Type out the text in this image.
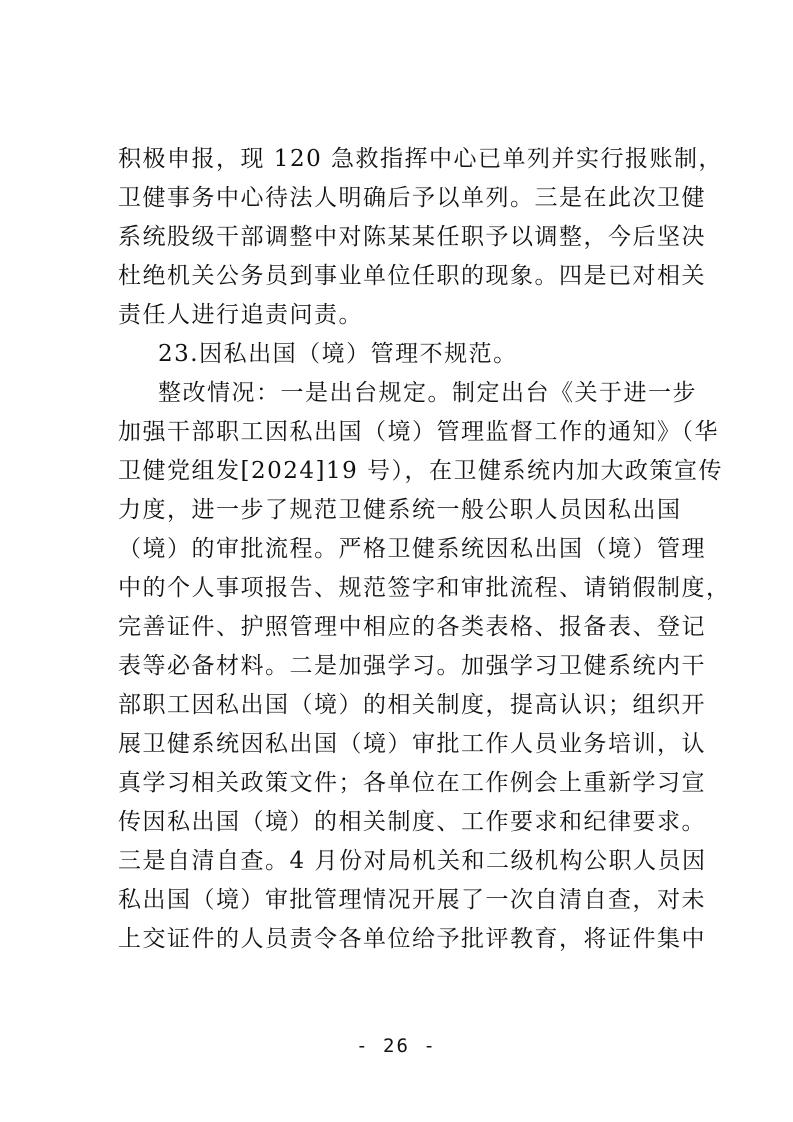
积极申报，现 120 急救指挥中心已单列并实行报账制，
卫健事务中心待法人明确后予以单列。三是在此次卫健
系统股级干部调整中对陈某某任职予以调整，今后坚决
杜绝机关公务员到事业单位任职的现象。四是已对相关
责任人进行追责问责。
23.因私出国（境）管理不规范。
整改情况：一是出台规定。制定出台《关于进一步
加强干部职工因私出国（境）管理监督工作的通知》（华
卫健党组发[2024]19 号），在卫健系统内加大政策宣传
力度，进一步了规范卫健系统一般公职人员因私出国
（境）的审批流程。严格卫健系统因私出国（境）管理
中的个人事项报告、规范签字和审批流程、请销假制度，
完善证件、护照管理中相应的各类表格、报备表、登记
表等必备材料。二是加强学习。加强学习卫健系统内干
部职工因私出国（境）的相关制度，提高认识；组织开
展卫健系统因私出国（境）审批工作人员业务培训，认
真学习相关政策文件；各单位在工作例会上重新学习宣
传因私出国（境）的相关制度、工作要求和纪律要求。
三是自清自查。4 月份对局机关和二级机构公职人员因
私出国（境）审批管理情况开展了一次自清自查，对未
上交证件的人员责令各单位给予批评教育，将证件集中
- 26 -
